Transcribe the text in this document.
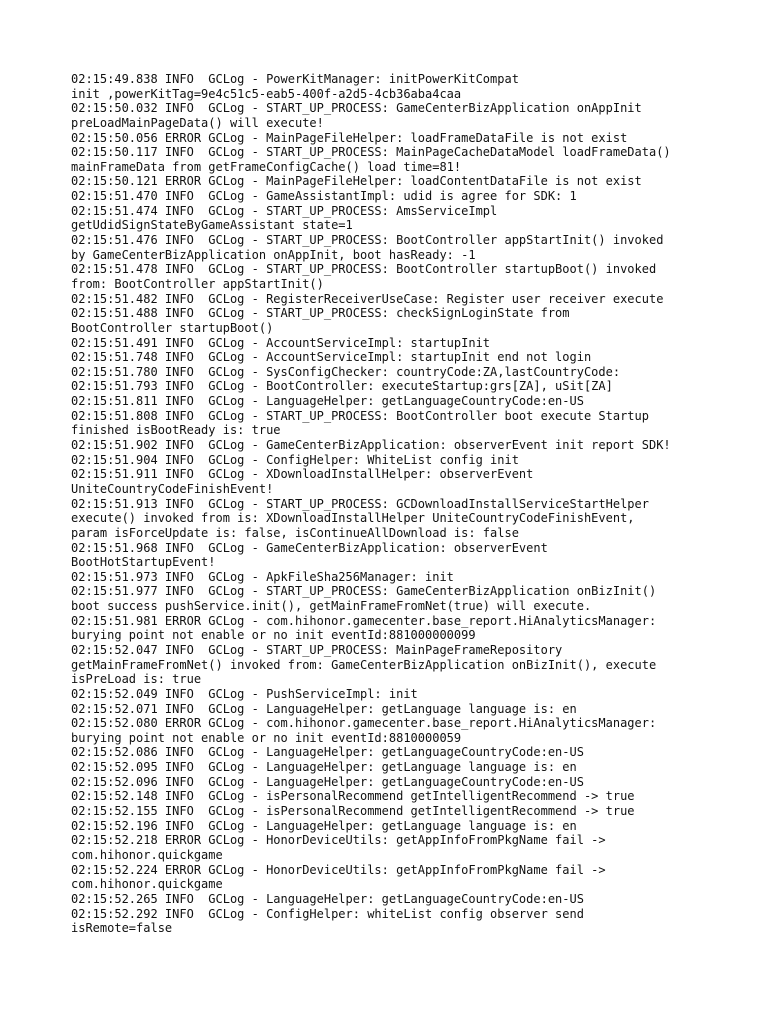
02:15:49.838 INFO  GCLog - PowerKitManager: initPowerKitCompat
init ,powerKitTag=9e4c51c5-eab5-400f-a2d5-4cb36aba4caa
02:15:50.032 INFO  GCLog - START_UP_PROCESS: GameCenterBizApplication onAppInit
preLoadMainPageData() will execute!
02:15:50.056 ERROR GCLog - MainPageFileHelper: loadFrameDataFile is not exist
02:15:50.117 INFO  GCLog - START_UP_PROCESS: MainPageCacheDataModel loadFrameData()
mainFrameData from getFrameConfigCache() load time=81!
02:15:50.121 ERROR GCLog - MainPageFileHelper: loadContentDataFile is not exist
02:15:51.470 INFO  GCLog - GameAssistantImpl: udid is agree for SDK: 1
02:15:51.474 INFO  GCLog - START_UP_PROCESS: AmsServiceImpl
getUdidSignStateByGameAssistant state=1
02:15:51.476 INFO  GCLog - START_UP_PROCESS: BootController appStartInit() invoked
by GameCenterBizApplication onAppInit, boot hasReady: -1
02:15:51.478 INFO  GCLog - START_UP_PROCESS: BootController startupBoot() invoked
from: BootController appStartInit()
02:15:51.482 INFO  GCLog - RegisterReceiverUseCase: Register user receiver execute
02:15:51.488 INFO  GCLog - START_UP_PROCESS: checkSignLoginState from
BootController startupBoot()
02:15:51.491 INFO  GCLog - AccountServiceImpl: startupInit
02:15:51.748 INFO  GCLog - AccountServiceImpl: startupInit end not login
02:15:51.780 INFO  GCLog - SysConfigChecker: countryCode:ZA,lastCountryCode:
02:15:51.793 INFO  GCLog - BootController: executeStartup:grs[ZA], uSit[ZA]
02:15:51.811 INFO  GCLog - LanguageHelper: getLanguageCountryCode:en-US
02:15:51.808 INFO  GCLog - START_UP_PROCESS: BootController boot execute Startup
finished isBootReady is: true
02:15:51.902 INFO  GCLog - GameCenterBizApplication: observerEvent init report SDK!
02:15:51.904 INFO  GCLog - ConfigHelper: WhiteList config init
02:15:51.911 INFO  GCLog - XDownloadInstallHelper: observerEvent
UniteCountryCodeFinishEvent!
02:15:51.913 INFO  GCLog - START_UP_PROCESS: GCDownloadInstallServiceStartHelper
execute() invoked from is: XDownloadInstallHelper UniteCountryCodeFinishEvent,
param isForceUpdate is: false, isContinueAllDownload is: false
02:15:51.968 INFO  GCLog - GameCenterBizApplication: observerEvent
BootHotStartupEvent!
02:15:51.973 INFO  GCLog - ApkFileSha256Manager: init
02:15:51.977 INFO  GCLog - START_UP_PROCESS: GameCenterBizApplication onBizInit()
boot success pushService.init(), getMainFrameFromNet(true) will execute.
02:15:51.981 ERROR GCLog - com.hihonor.gamecenter.base_report.HiAnalyticsManager:
burying point not enable or no init eventId:881000000099
02:15:52.047 INFO  GCLog - START_UP_PROCESS: MainPageFrameRepository
getMainFrameFromNet() invoked from: GameCenterBizApplication onBizInit(), execute
isPreLoad is: true
02:15:52.049 INFO  GCLog - PushServiceImpl: init
02:15:52.071 INFO  GCLog - LanguageHelper: getLanguage language is: en
02:15:52.080 ERROR GCLog - com.hihonor.gamecenter.base_report.HiAnalyticsManager:
burying point not enable or no init eventId:8810000059
02:15:52.086 INFO  GCLog - LanguageHelper: getLanguageCountryCode:en-US
02:15:52.095 INFO  GCLog - LanguageHelper: getLanguage language is: en
02:15:52.096 INFO  GCLog - LanguageHelper: getLanguageCountryCode:en-US
02:15:52.148 INFO  GCLog - isPersonalRecommend getIntelligentRecommend -> true
02:15:52.155 INFO  GCLog - isPersonalRecommend getIntelligentRecommend -> true
02:15:52.196 INFO  GCLog - LanguageHelper: getLanguage language is: en
02:15:52.218 ERROR GCLog - HonorDeviceUtils: getAppInfoFromPkgName fail ->
com.hihonor.quickgame
02:15:52.224 ERROR GCLog - HonorDeviceUtils: getAppInfoFromPkgName fail ->
com.hihonor.quickgame
02:15:52.265 INFO  GCLog - LanguageHelper: getLanguageCountryCode:en-US
02:15:52.292 INFO  GCLog - ConfigHelper: whiteList config observer send
isRemote=false
